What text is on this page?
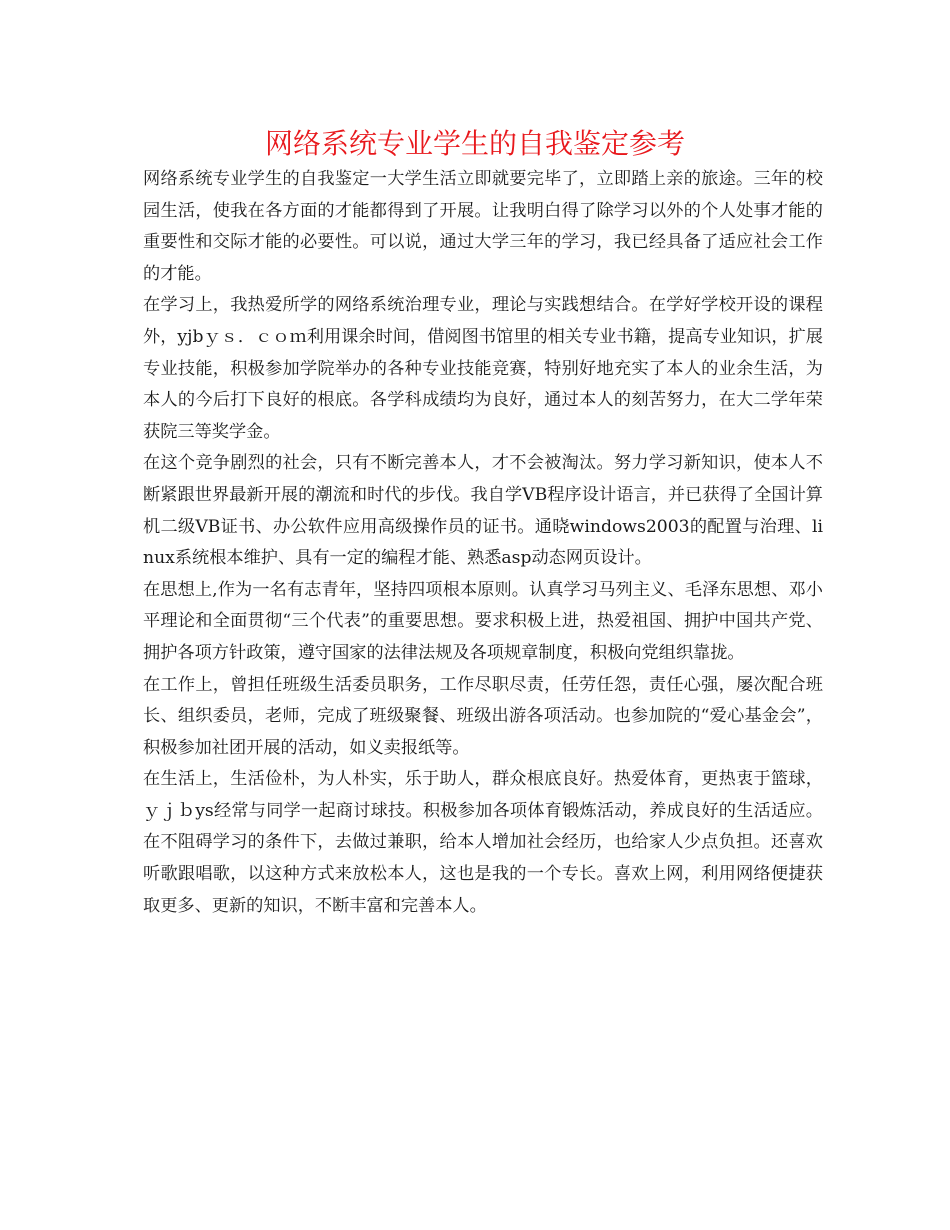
网络系统专业学生的自我鉴定参考

网络系统专业学生的自我鉴定一大学生活立即就要完毕了，立即踏上亲的旅途。三年的校园生活，使我在各方面的才能都得到了开展。让我明白得了除学习以外的个人处事才能的重要性和交际才能的必要性。可以说，通过大学三年的学习，我已经具备了适应社会工作的才能。

在学习上，我热爱所学的网络系统治理专业，理论与实践想结合。在学好学校开设的课程外，yjbｙｓ．ｃｏｍ利用课余时间，借阅图书馆里的相关专业书籍，提高专业知识，扩展专业技能，积极参加学院举办的各种专业技能竞赛，特别好地充实了本人的业余生活，为本人的今后打下良好的根底。各学科成绩均为良好，通过本人的刻苦努力，在大二学年荣获院三等奖学金。

在这个竞争剧烈的社会，只有不断完善本人，才不会被淘汰。努力学习新知识，使本人不断紧跟世界最新开展的潮流和时代的步伐。我自学VB程序设计语言，并已获得了全国计算机二级VB证书、办公软件应用高级操作员的证书。通晓windows2003的配置与治理、linux系统根本维护、具有一定的编程才能、熟悉asp动态网页设计。

在思想上,作为一名有志青年，坚持四项根本原则。认真学习马列主义、毛泽东思想、邓小平理论和全面贯彻“三个代表”的重要思想。要求积极上进，热爱祖国、拥护中国共产党、拥护各项方针政策，遵守国家的法律法规及各项规章制度，积极向党组织靠拢。

在工作上，曾担任班级生活委员职务，工作尽职尽责，任劳任怨，责任心强，屡次配合班长、组织委员，老师，完成了班级聚餐、班级出游各项活动。也参加院的“爱心基金会”，积极参加社团开展的活动，如义卖报纸等。

在生活上，生活俭朴，为人朴实，乐于助人，群众根底良好。热爱体育，更热衷于篮球，ｙｊｂys经常与同学一起商讨球技。积极参加各项体育锻炼活动，养成良好的生活适应。在不阻碍学习的条件下，去做过兼职，给本人增加社会经历，也给家人少点负担。还喜欢听歌跟唱歌，以这种方式来放松本人，这也是我的一个专长。喜欢上网，利用网络便捷获取更多、更新的知识，不断丰富和完善本人。
